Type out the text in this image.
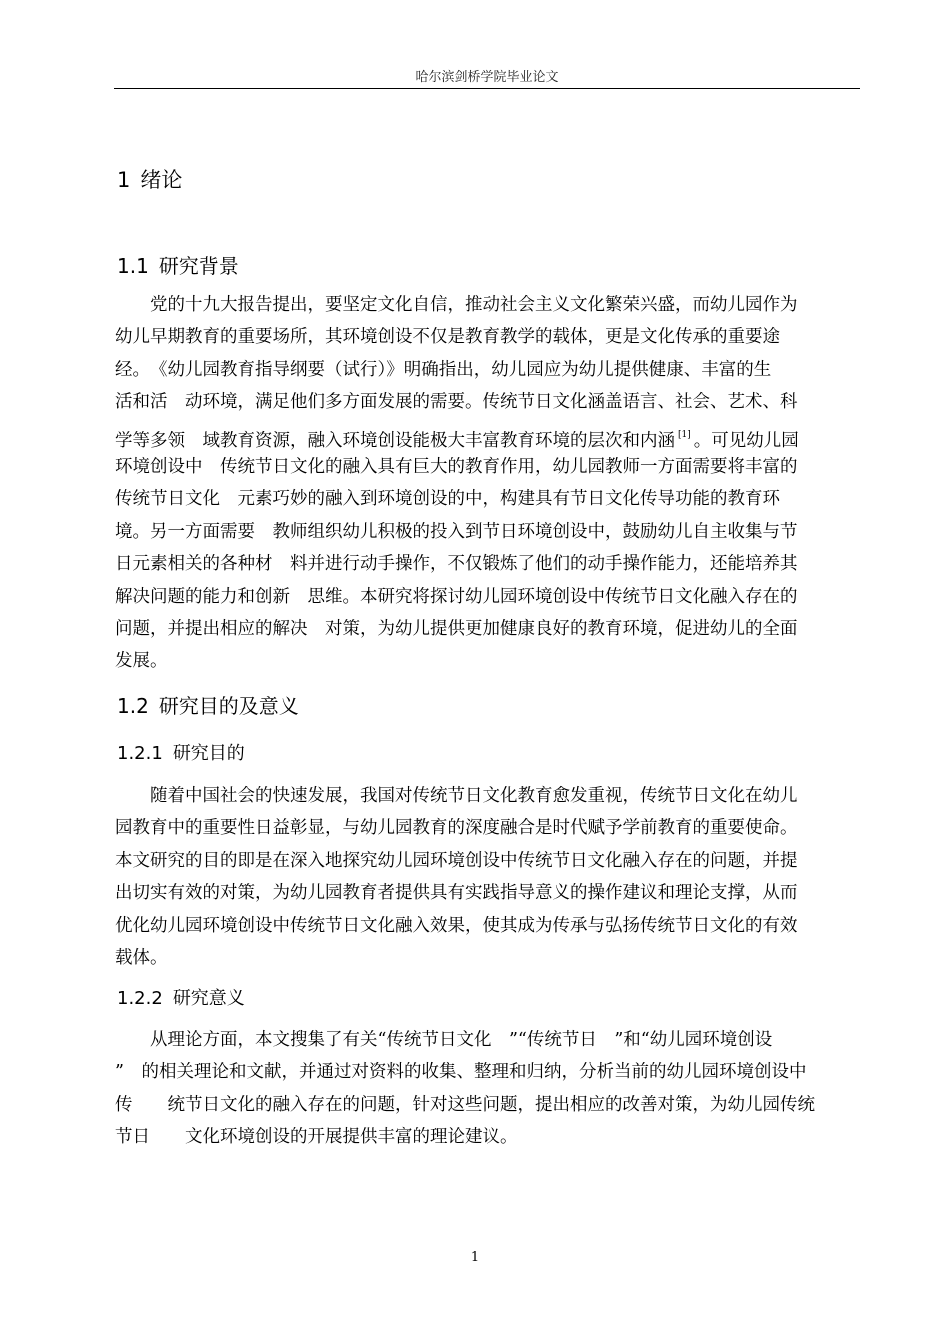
哈尔滨剑桥学院毕业论文
1 绪论
1.1 研究背景
　　党的十九大报告提出，要坚定文化自信，推动社会主义文化繁荣兴盛，而幼儿园作为
幼儿早期教育的重要场所，其环境创设不仅是教育教学的载体，更是文化传承的重要途
经。　《幼儿园教育指导纲要（试行）》明确指出，幼儿园应为幼儿提供健康、丰富的生
活和活　动环境，满足他们多方面发展的需要。传统节日文化涵盖语言、社会、艺术、科
学等多领　域教育资源，融入环境创设能极大丰富教育环境的层次和内涵 [1] 。可见幼儿园
环境创设中　传统节日文化的融入具有巨大的教育作用，幼儿园教师一方面需要将丰富的
传统节日文化　元素巧妙的融入到环境创设的中，构建具有节日文化传导功能的教育环
境。另一方面需要　教师组织幼儿积极的投入到节日环境创设中，鼓励幼儿自主收集与节
日元素相关的各种材　料并进行动手操作，不仅锻炼了他们的动手操作能力，还能培养其
解决问题的能力和创新　思维。本研究将探讨幼儿园环境创设中传统节日文化融入存在的
问题，并提出相应的解决　对策，为幼儿提供更加健康良好的教育环境，促进幼儿的全面
发展。
1.2 研究目的及意义
1.2.1 研究目的
　　随着中国社会的快速发展，我国对传统节日文化教育愈发重视，传统节日文化在幼儿
园教育中的重要性日益彰显，与幼儿园教育的深度融合是时代赋予学前教育的重要使命。
本文研究的目的即是在深入地探究幼儿园环境创设中传统节日文化融入存在的问题，并提
出切实有效的对策，为幼儿园教育者提供具有实践指导意义的操作建议和理论支撑，从而
优化幼儿园环境创设中传统节日文化融入效果，使其成为传承与弘扬传统节日文化的有效
载体。
1.2.2 研究意义
　　从理论方面，本文搜集了有关“传统节日文化　”“传统节日　”和“幼儿园环境创设
”　的相关理论和文献，并通过对资料的收集、整理和归纳，分析当前的幼儿园环境创设中
传　　统节日文化的融入存在的问题，针对这些问题，提出相应的改善对策，为幼儿园传统
节日　　文化环境创设的开展提供丰富的理论建议。
1
